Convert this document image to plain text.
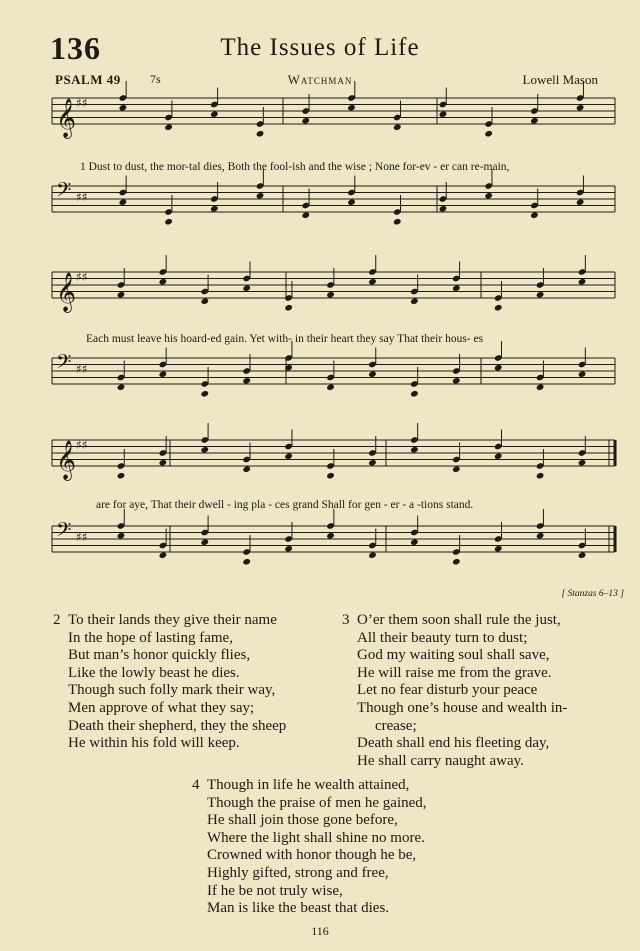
136	The Issues of Life
PSALM 49 7s	Watchman	Lowell Mason
𝄞 ♯♯
𝄢 ♯♯
𝄞 ♯♯
𝄢 ♯♯
𝄞 ♯♯
𝄢 ♯♯
1 Dust to dust, the mor-tal dies, Both the fool-ish and the wise ; None for-ev - er can re-main,
Each must leave his hoard-ed gain. Yet with- in their heart they say That their hous- es
are for aye, That their dwell - ing pla - ces grand Shall for gen - er - a -tions stand.
[ Stanzas 6–13 ]
2 To their lands they give their name
In the hope of lasting fame,
But man’s honor quickly flies,
Like the lowly beast he dies.
Though such folly mark their way,
Men approve of what they say;
Death their shepherd, they the sheep
He within his fold will keep.
3 O’er them soon shall rule the just,
All their beauty turn to dust;
God my waiting soul shall save,
He will raise me from the grave.
Let no fear disturb your peace
Though one’s house and wealth in-
crease;
Death shall end his fleeting day,
He shall carry naught away.
4 Though in life he wealth attained,
Though the praise of men he gained,
He shall join those gone before,
Where the light shall shine no more.
Crowned with honor though he be,
Highly gifted, strong and free,
If he be not truly wise,
Man is like the beast that dies.
116
